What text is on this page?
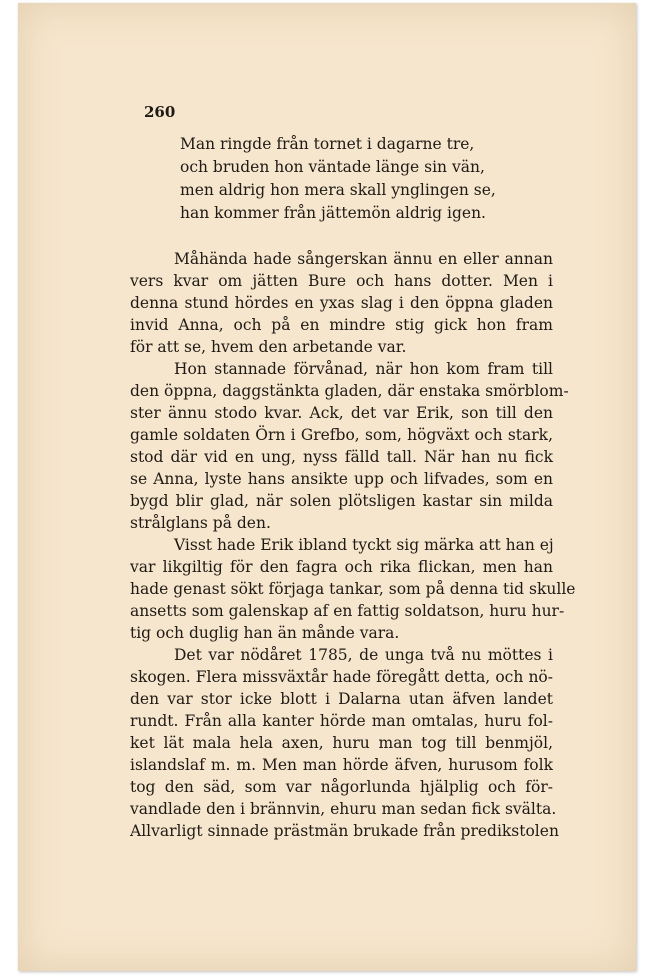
260
Man ringde från tornet i dagarne tre,
och bruden hon väntade länge sin vän,
men aldrig hon mera skall ynglingen se,
han kommer från jättemön aldrig igen.
Måhända hade sångerskan ännu en eller annan
vers kvar om jätten Bure och hans dotter. Men i
denna stund hördes en yxas slag i den öppna gladen
invid Anna, och på en mindre stig gick hon fram
för att se, hvem den arbetande var.
Hon stannade förvånad, när hon kom fram till
den öppna, daggstänkta gladen, där enstaka smörblom-
ster ännu stodo kvar. Ack, det var Erik, son till den
gamle soldaten Örn i Grefbo, som, högväxt och stark,
stod där vid en ung, nyss fälld tall. När han nu fick
se Anna, lyste hans ansikte upp och lifvades, som en
bygd blir glad, när solen plötsligen kastar sin milda
strålglans på den.
Visst hade Erik ibland tyckt sig märka att han ej
var likgiltig för den fagra och rika flickan, men han
hade genast sökt förjaga tankar, som på denna tid skulle
ansetts som galenskap af en fattig soldatson, huru hur-
tig och duglig han än månde vara.
Det var nödåret 1785, de unga två nu möttes i
skogen. Flera missväxtår hade föregått detta, och nö-
den var stor icke blott i Dalarna utan äfven landet
rundt. Från alla kanter hörde man omtalas, huru fol-
ket lät mala hela axen, huru man tog till benmjöl,
islandslaf m. m. Men man hörde äfven, hurusom folk
tog den säd, som var någorlunda hjälplig och för-
vandlade den i brännvin, ehuru man sedan fick svälta.
Allvarligt sinnade prästmän brukade från predikstolen
